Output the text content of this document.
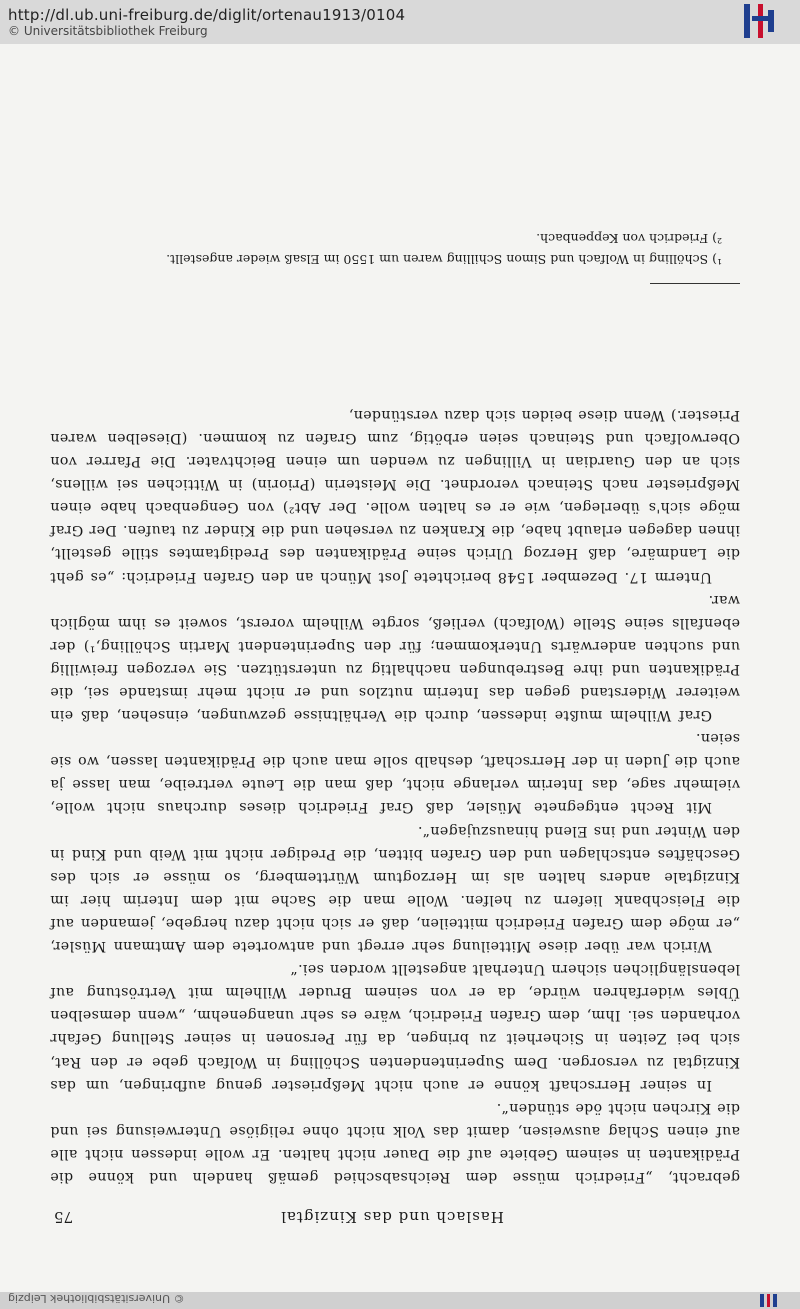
http://dl.ub.uni-freiburg.de/diglit/ortenau1913/0104
© Universitätsbibliothek Freiburg
Haslach und das Kinzigtal
75

gebracht, „Friedrich müsse dem Reichsabschied gemäß handeln und könne die Prädikanten in seinem Gebiete auf die Dauer nicht halten. Er wolle indessen nicht alle auf einen Schlag ausweisen, damit das Volk nicht ohne religiöse Unterweisung sei und die Kirchen nicht öde stünden“.

In seiner Herrschaft könne er auch nicht Meßpriester genug aufbringen, um das Kinzigtal zu versorgen. Dem Superintendenten Schölling in Wolfach gebe er den Rat, sich bei Zeiten in Sicherheit zu bringen, da für Personen in seiner Stellung Gefahr vorhanden sei. Ihm, dem Grafen Friedrich, wäre es sehr unangenehm, „wenn demselben Übles widerfahren würde, da er von seinem Bruder Wilhelm mit Vertröstung auf lebenslänglichen sichern Unterhalt angestellt worden sei.“

Wirich war über diese Mitteilung sehr erregt und antwortete dem Amtmann Müsler, „er möge dem Grafen Friedrich mitteilen, daß er sich nicht dazu hergebe, jemanden auf die Fleischbank liefern zu helfen. Wolle man die Sache mit dem Interim hier im Kinzigtale anders halten als im Herzogtum Württemberg, so müsse er sich des Geschäftes entschlagen und den Grafen bitten, die Prediger nicht mit Weib und Kind in den Winter und ins Elend hinauszujagen“.

Mit Recht entgegnete Müsler, daß Graf Friedrich dieses durchaus nicht wolle, vielmehr sage, das Interim verlange nicht, daß man die Leute vertreibe, man lasse ja auch die Juden in der Herrschaft, deshalb solle man auch die Prädikanten lassen, wo sie seien.

Graf Wilhelm mußte indessen, durch die Verhältnisse gezwungen, einsehen, daß ein weiterer Widerstand gegen das Interim nutzlos und er nicht mehr imstande sei, die Prädikanten und ihre Bestrebungen nachhaltig zu unterstützen. Sie verzogen freiwillig und suchten anderwärts Unterkommen; für den Superintendent Martin Schölling,¹) der ebenfalls seine Stelle (Wolfach) verließ, sorgte Wilhelm vorerst, soweit es ihm möglich war.

Unterm 17. Dezember 1548 berichtete Jost Münch an den Grafen Friedrich: „es geht die Landmäre, daß Herzog Ulrich seine Prädikanten des Predigtamtes stille gestellt, ihnen dagegen erlaubt habe, die Kranken zu versehen und die Kinder zu taufen. Der Graf möge sich's überlegen, wie er es halten wolle. Der Abt²) von Gengenbach habe einen Meßpriester nach Steinach verordnet. Die Meisterin (Priorin) in Wittichen sei willens, sich an den Guardian in Villingen zu wenden um einen Beichtvater. Die Pfarrer von Oberwolfach und Steinach seien erbötig, zum Grafen zu kommen. (Dieselben waren Priester.) Wenn diese beiden sich dazu verstünden,

¹) Schölling in Wolfach und Simon Schilling waren um 1550 im Elsaß wieder angestellt.

²) Friedrich von Keppenbach.

© Universitätsbibliothek Leipzig
